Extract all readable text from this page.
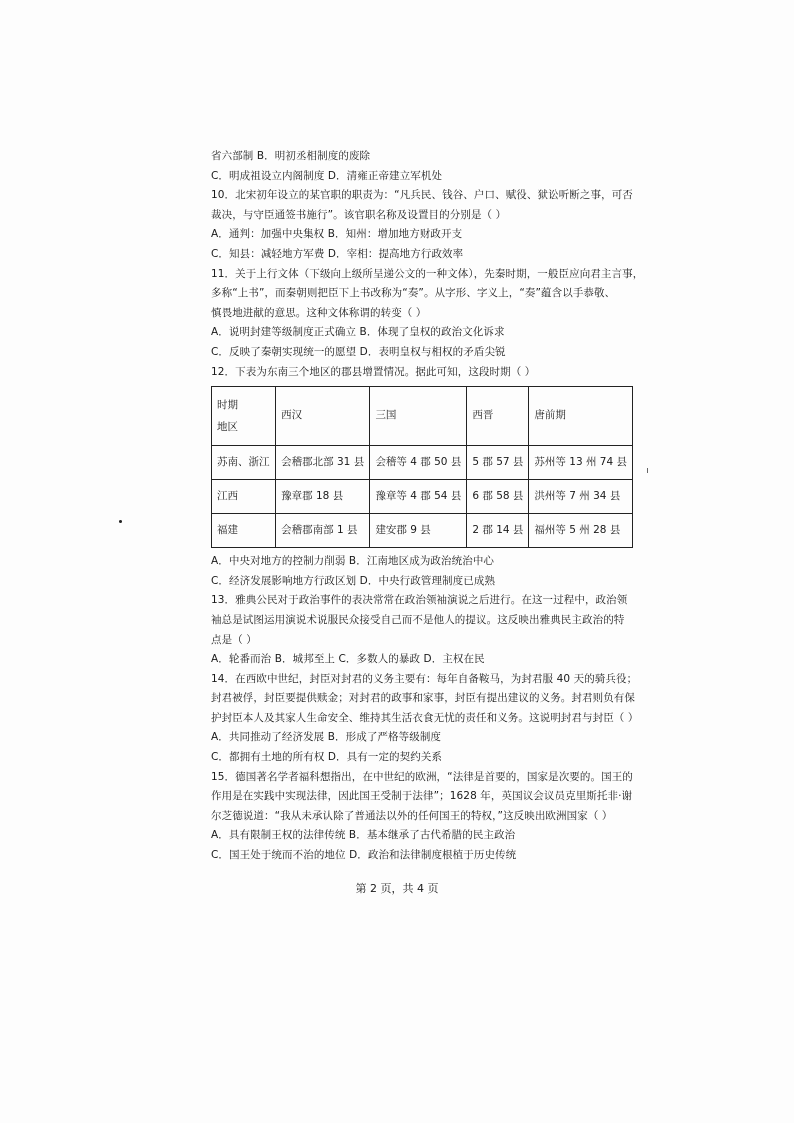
省六部制 B．明初丞相制度的废除
C．明成祖设立内阁制度 D．清雍正帝建立军机处
10．北宋初年设立的某官职的职责为：“凡兵民、钱谷、户口、赋役、狱讼听断之事，可否
裁决，与守臣通签书施行”。该官职名称及设置目的分别是（ ）
A．通判：加强中央集权 B．知州：增加地方财政开支
C．知县：减轻地方军费 D．宰相：提高地方行政效率
11．关于上行文体（下级向上级所呈递公文的一种文体），先秦时期，一般臣应向君主言事，
多称“上书”，而秦朝则把臣下上书改称为“奏”。从字形、字义上，“奏”蕴含以手恭敬、
慎畏地进献的意思。这种文体称谓的转变（ ）
A．说明封建等级制度正式确立 B．体现了皇权的政治文化诉求
C．反映了秦朝实现统一的愿望 D．表明皇权与相权的矛盾尖锐
12．下表为东南三个地区的郡县增置情况。据此可知，这段时期（ ）
时期
地区	西汉	三国	西晋	唐前期
苏南、浙江	会稽郡北部 31 县	会稽等 4 郡 50 县	5 郡 57 县	苏州等 13 州 74 县
江西	豫章郡 18 县	豫章等 4 郡 54 县	6 郡 58 县	洪州等 7 州 34 县
福建	会稽郡南部 1 县	建安郡 9 县	2 郡 14 县	福州等 5 州 28 县
A．中央对地方的控制力削弱 B．江南地区成为政治统治中心
C．经济发展影响地方行政区划 D．中央行政管理制度已成熟
13．雅典公民对于政治事件的表决常常在政治领袖演说之后进行。在这一过程中，政治领
袖总是试图运用演说术说服民众接受自己而不是他人的提议。这反映出雅典民主政治的特
点是（ ）
A．轮番而治 B．城邦至上 C．多数人的暴政 D．主权在民
14．在西欧中世纪，封臣对封君的义务主要有：每年自备鞍马，为封君服 40 天的骑兵役；
封君被俘，封臣要提供赎金；对封君的政事和家事，封臣有提出建议的义务。封君则负有保
护封臣本人及其家人生命安全、维持其生活衣食无忧的责任和义务。这说明封君与封臣（ ）
A．共同推动了经济发展 B．形成了严格等级制度
C．都拥有土地的所有权 D．具有一定的契约关系
15．德国著名学者福科想指出，在中世纪的欧洲，“法律是首要的，国家是次要的。国王的
作用是在实践中实现法律，因此国王受制于法律”；1628 年，英国议会议员克里斯托非·谢
尔芝德说道：“我从未承认除了普通法以外的任何国王的特权，”这反映出欧洲国家（ ）
A．具有限制王权的法律传统 B．基本继承了古代希腊的民主政治
C．国王处于统而不治的地位 D．政治和法律制度根植于历史传统
第 2 页，共 4 页
